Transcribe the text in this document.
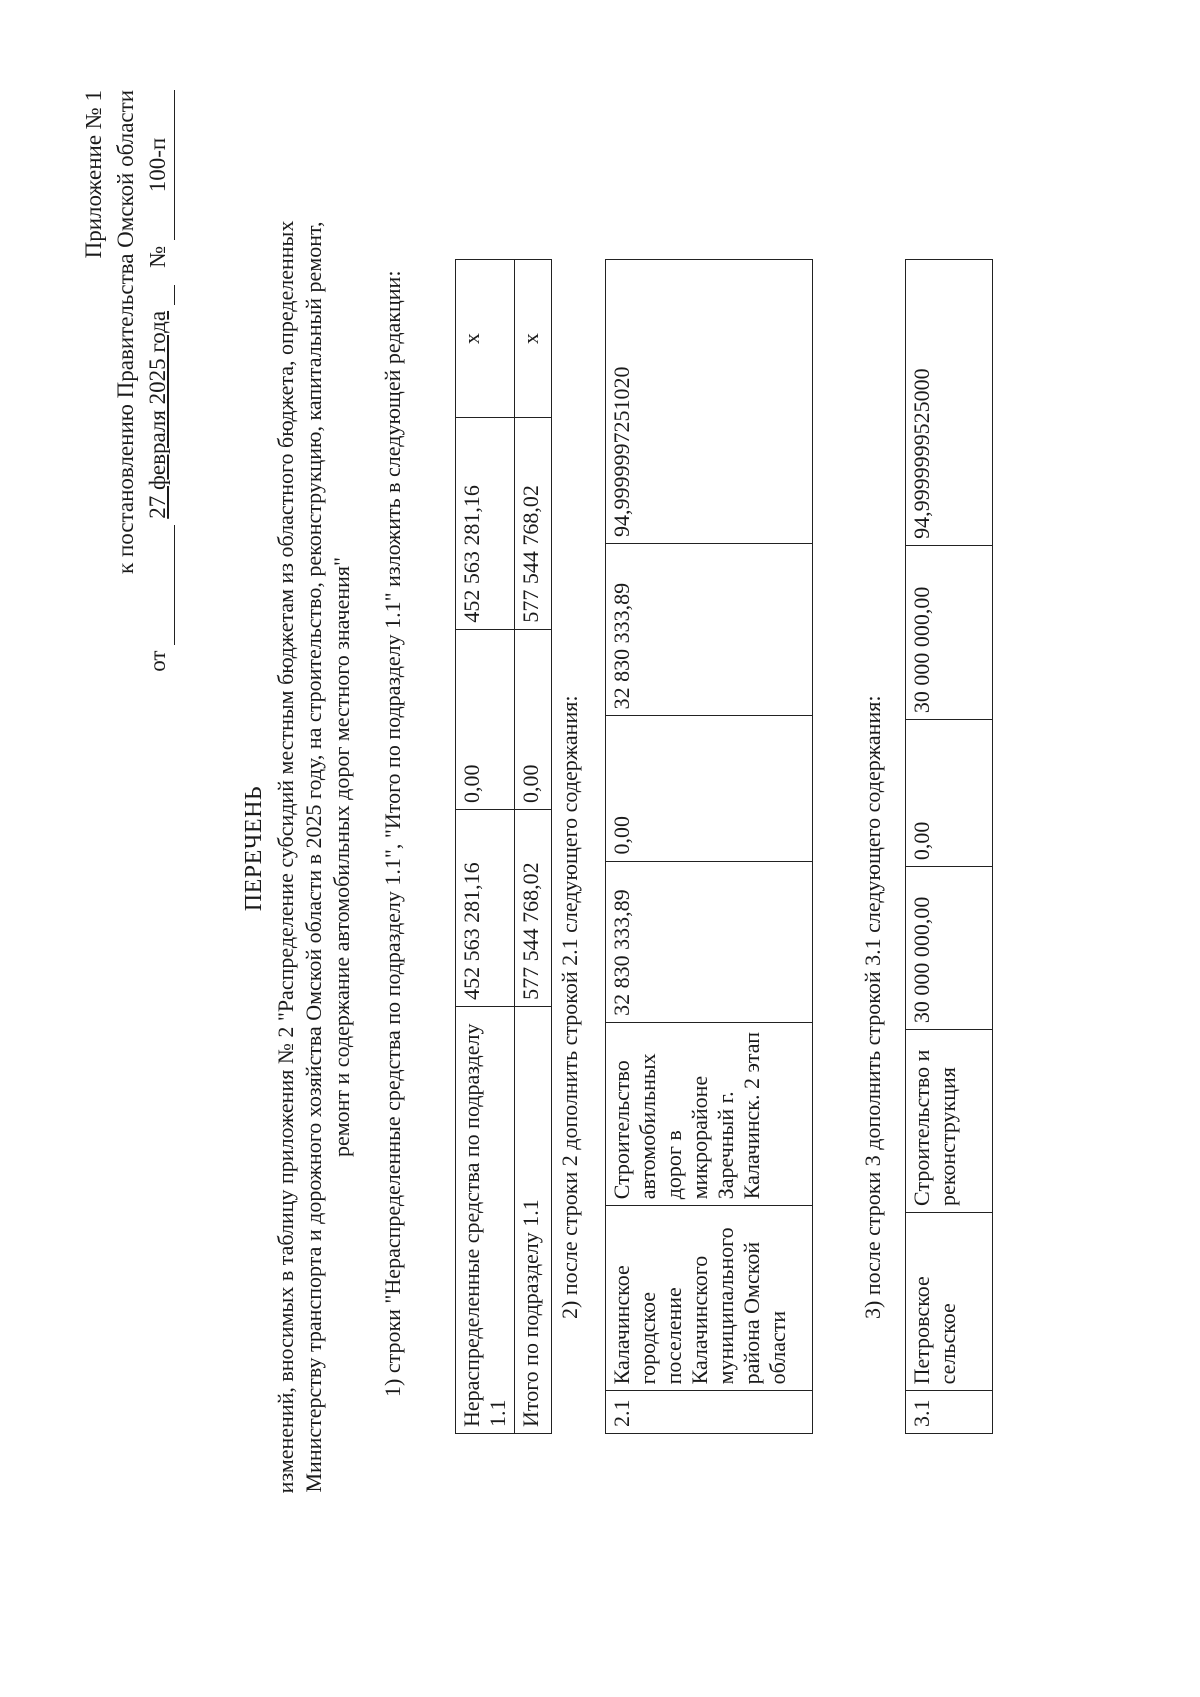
Приложение № 1 к постановлению Правительства Омской области
от 27 февраля 2025 года   № 100-п
ПЕРЕЧЕНЬ изменений, вносимых в таблицу приложения № 2 "Распределение субсидий местным бюджетам из областного бюджета, определенных Министерству транспорта и дорожного хозяйства Омской области в 2025 году, на строительство, реконструкцию, капитальный ремонт, ремонт и содержание автомобильных дорог местного значения" 1) строки "Нераспределенные средства по подразделу 1.1", "Итого по подразделу 1.1" изложить в следующей редакции: Нераспределенные средства по подразделу 1.1	452 563 281,16	0,00	452 563 281,16	х
Итого по подразделу 1.1	577 544 768,02	0,00	577 544 768,02	х
2) после строки 2 дополнить строкой 2.1 следующего содержания:
2.1	Калачинское городское поселение Калачинского муниципального района Омской области	Строительство автомобильных дорог в микрорайоне Заречный г. Калачинск. 2 этап	32 830 333,89	0,00	32 830 333,89	94,9999997251020
3) после строки 3 дополнить строкой 3.1 следующего содержания:
3.1	Петровское сельское	Строительство и реконструкция	30 000 000,00	0,00	30 000 000,00	94,9999999525000
